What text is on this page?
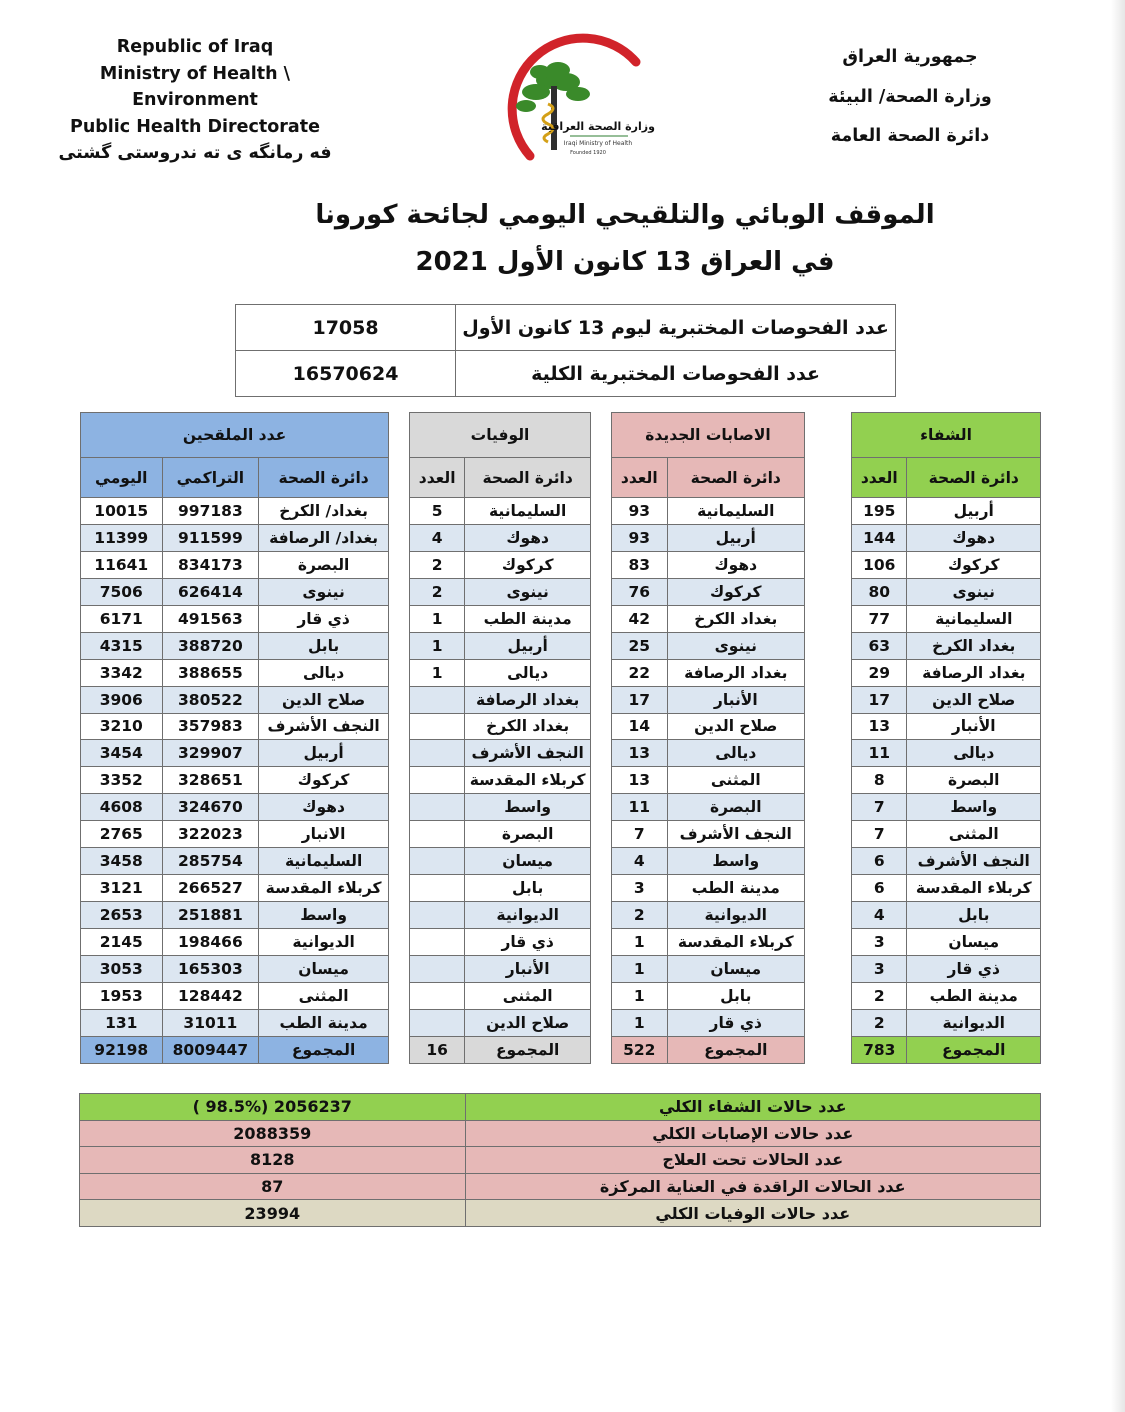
Republic of Iraq
Ministry of Health \ Environment
Public Health Directorate
فه رمانگه ی ته ندروستی گشتی
وزارة الصحة العراقية
Iraqi Ministry of Health
Founded 1920
جمهورية العراق
وزارة الصحة/ البيئة
دائرة الصحة العامة
الموقف الوبائي والتلقيحي اليومي لجائحة كورونا
في العراق 13 كانون الأول 2021
17058	عدد الفحوصات المختبرية ليوم 13 كانون الأول
16570624	عدد الفحوصات المختبرية الكلية
الشفاء	
العدد	دائرة الصحة
195	أربيل
144	دهوك
106	كركوك
80	نينوى
77	السليمانية
63	بغداد الكرخ
29	بغداد الرصافة
17	صلاح الدين
13	الأنبار
11	ديالى
8	البصرة
7	واسط
7	المثنى
6	النجف الأشرف
6	كربلاء المقدسة
4	بابل
3	ميسان
3	ذي قار
2	مدينة الطب
2	الديوانية
783	المجموع
الاصابات الجديدة	
العدد	دائرة الصحة
93	السليمانية
93	أربيل
83	دهوك
76	كركوك
42	بغداد الكرخ
25	نينوى
22	بغداد الرصافة
17	الأنبار
14	صلاح الدين
13	ديالى
13	المثنى
11	البصرة
7	النجف الأشرف
4	واسط
3	مدينة الطب
2	الديوانية
1	كربلاء المقدسة
1	ميسان
1	بابل
1	ذي قار
522	المجموع
الوفيات	
العدد	دائرة الصحة
5	السليمانية
4	دهوك
2	كركوك
2	نينوى
1	مدينة الطب
1	أربيل
1	ديالى
	بغداد الرصافة
	بغداد الكرخ
	النجف الأشرف
	كربلاء المقدسة
	واسط
	البصرة
	ميسان
	بابل
	الديوانية
	ذي قار
	الأنبار
	المثنى
	صلاح الدين
16	المجموع
عدد الملقحين		
اليومي	التراكمي	دائرة الصحة
10015	997183	بغداد/ الكرخ
11399	911599	بغداد/ الرصافة
11641	834173	البصرة
7506	626414	نينوى
6171	491563	ذي قار
4315	388720	بابل
3342	388655	ديالى
3906	380522	صلاح الدين
3210	357983	النجف الأشرف
3454	329907	أربيل
3352	328651	كركوك
4608	324670	دهوك
2765	322023	الانبار
3458	285754	السليمانية
3121	266527	كربلاء المقدسة
2653	251881	واسط
2145	198466	الديوانية
3053	165303	ميسان
1953	128442	المثنى
131	31011	مدينة الطب
92198	8009447	المجموع
( 98.5%) 2056237	عدد حالات الشفاء الكلي
2088359	عدد حالات الإصابات الكلي
8128	عدد الحالات تحت العلاج
87	عدد الحالات الراقدة في العناية المركزة
23994	عدد حالات الوفيات الكلي
